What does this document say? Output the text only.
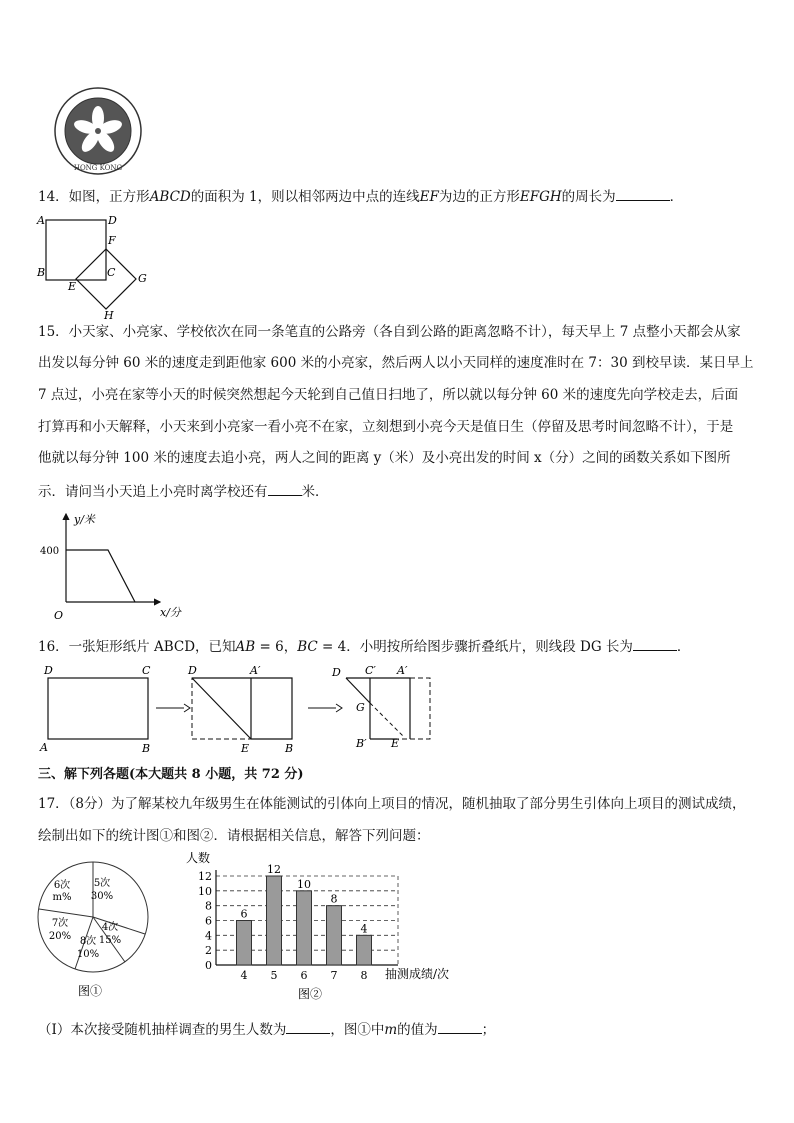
HONG KONG
14．如图，正方形ABCD的面积为 1，则以相邻两边中点的连线EF为边的正方形EFGH的周长为	．
A	D
F
B	C
E
G
H
15．小天家、小亮家、学校依次在同一条笔直的公路旁（各自到公路的距离忽略不计），每天早上 7 点整小天都会从家
出发以每分钟 60 米的速度走到距他家 600 米的小亮家，然后两人以小天同样的速度准时在 7：30 到校早读．某日早上
7 点过，小亮在家等小天的时候突然想起今天轮到自己值日扫地了，所以就以每分钟 60 米的速度先向学校走去，后面
打算再和小天解释，小天来到小亮家一看小亮不在家，立刻想到小亮今天是值日生（停留及思考时间忽略不计），于是
他就以每分钟 100 米的速度去追小亮，两人之间的距离 y（米）及小亮出发的时间 x（分）之间的函数关系如下图所
示．请问当小天追上小亮时离学校还有	米．
y/米
400
O	x/分
16．一张矩形纸片 ABCD，已知AB = 6，BC = 4．小明按所给图步骤折叠纸片，则线段 DG 长为	．
D	C
A	B
D	A′
E	B
D C′ A′
G
B′ E
三、解下列各题(本大题共 8 小题，共 72 分)
17．（8分）为了解某校九年级男生在体能测试的引体向上项目的情况，随机抽取了部分男生引体向上项目的测试成绩，
绘制出如下的统计图①和图②．请根据相关信息，解答下列问题：
6次
m%
5次
30%
7次
20%
4次
15%
8次
10%
图①
人数
0
2
4
6
8
10
12
6
12
10
8
4
4 5 6 7 8 抽测成绩/次
图②
（Ⅰ）本次接受随机抽样调查的男生人数为	，图①中m的值为	；
